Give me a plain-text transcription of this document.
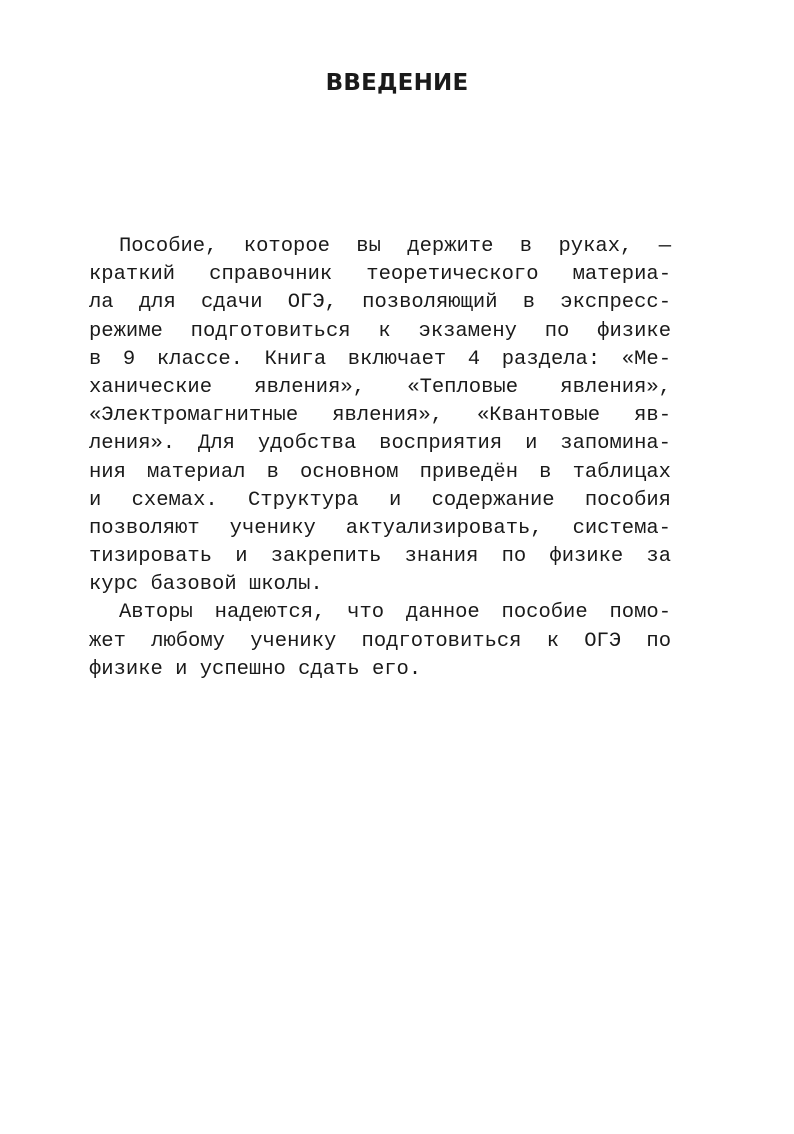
ВВЕДЕНИЕ
Пособие, которое вы держите в руках, —
краткий справочник теоретического материа-
ла для сдачи ОГЭ, позволяющий в экспресс-
режиме подготовиться к экзамену по физике
в 9 классе. Книга включает 4 раздела: «Ме-
ханические явления», «Тепловые явления»,
«Электромагнитные явления», «Квантовые яв-
ления». Для удобства восприятия и запомина-
ния материал в основном приведён в таблицах
и схемах. Структура и содержание пособия
позволяют ученику актуализировать, система-
тизировать и закрепить знания по физике за
курс базовой школы.
Авторы надеются, что данное пособие помо-
жет любому ученику подготовиться к ОГЭ по
физике и успешно сдать его.
